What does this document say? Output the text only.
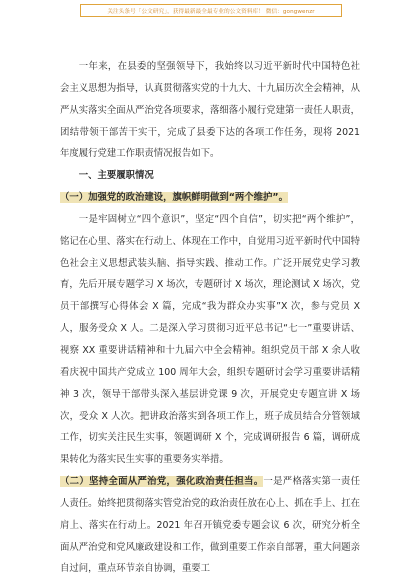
关注头条号「公文研究」，获得最新最全最专业的公文资料库！ 微信：gongwenzr

一年来，在县委的坚强领导下，我始终以习近平新时代中国特色社会主义思想为指导，认真贯彻落实党的十九大、十九届历次全会精神，从严从实落实全面从严治党各项要求，落细落小履行党建第一责任人职责，团结带领干部苦干实干，完成了县委下达的各项工作任务，现将 2021 年度履行党建工作职责情况报告如下。

一、主要履职情况

（一）加强党的政治建设，旗帜鲜明做到“两个维护”。

一是牢固树立“四个意识”，坚定“四个自信”，切实把“两个维护”，铭记在心里、落实在行动上、体现在工作中，自觉用习近平新时代中国特色社会主义思想武装头脑、指导实践、推动工作。广泛开展党史学习教育，先后开展专题学习 X 场次，专题研讨 X 场次，理论测试 X 场次，党员干部撰写心得体会 X 篇，完成“我为群众办实事”X 次，参与党员 X 人，服务受众 X 人。二是深入学习贯彻习近平总书记“七一”重要讲话、视察 XX 重要讲话精神和十九届六中全会精神。组织党员干部 X 余人收看庆祝中国共产党成立 100 周年大会，组织专题研讨会学习重要讲话精神 3 次，领导干部带头深入基层讲党课 9 次，开展党史专题宣讲 X 场次，受众 X 人次。把讲政治落实到各项工作上，班子成员结合分管领域工作，切实关注民生实事，领题调研 X 个，完成调研报告 6 篇，调研成果转化为落实民生实事的重要务实举措。

（二）坚持全面从严治党，强化政治责任担当。一是严格落实第一责任人责任。始终把贯彻落实管党治党的政治责任放在心上、抓在手上、扛在肩上、落实在行动上。2021 年召开镇党委专题会议 6 次，研究分析全面从严治党和党风廉政建设和工作，做到重要工作亲自部署，重大问题亲自过问，重点环节亲自协调，重要工
